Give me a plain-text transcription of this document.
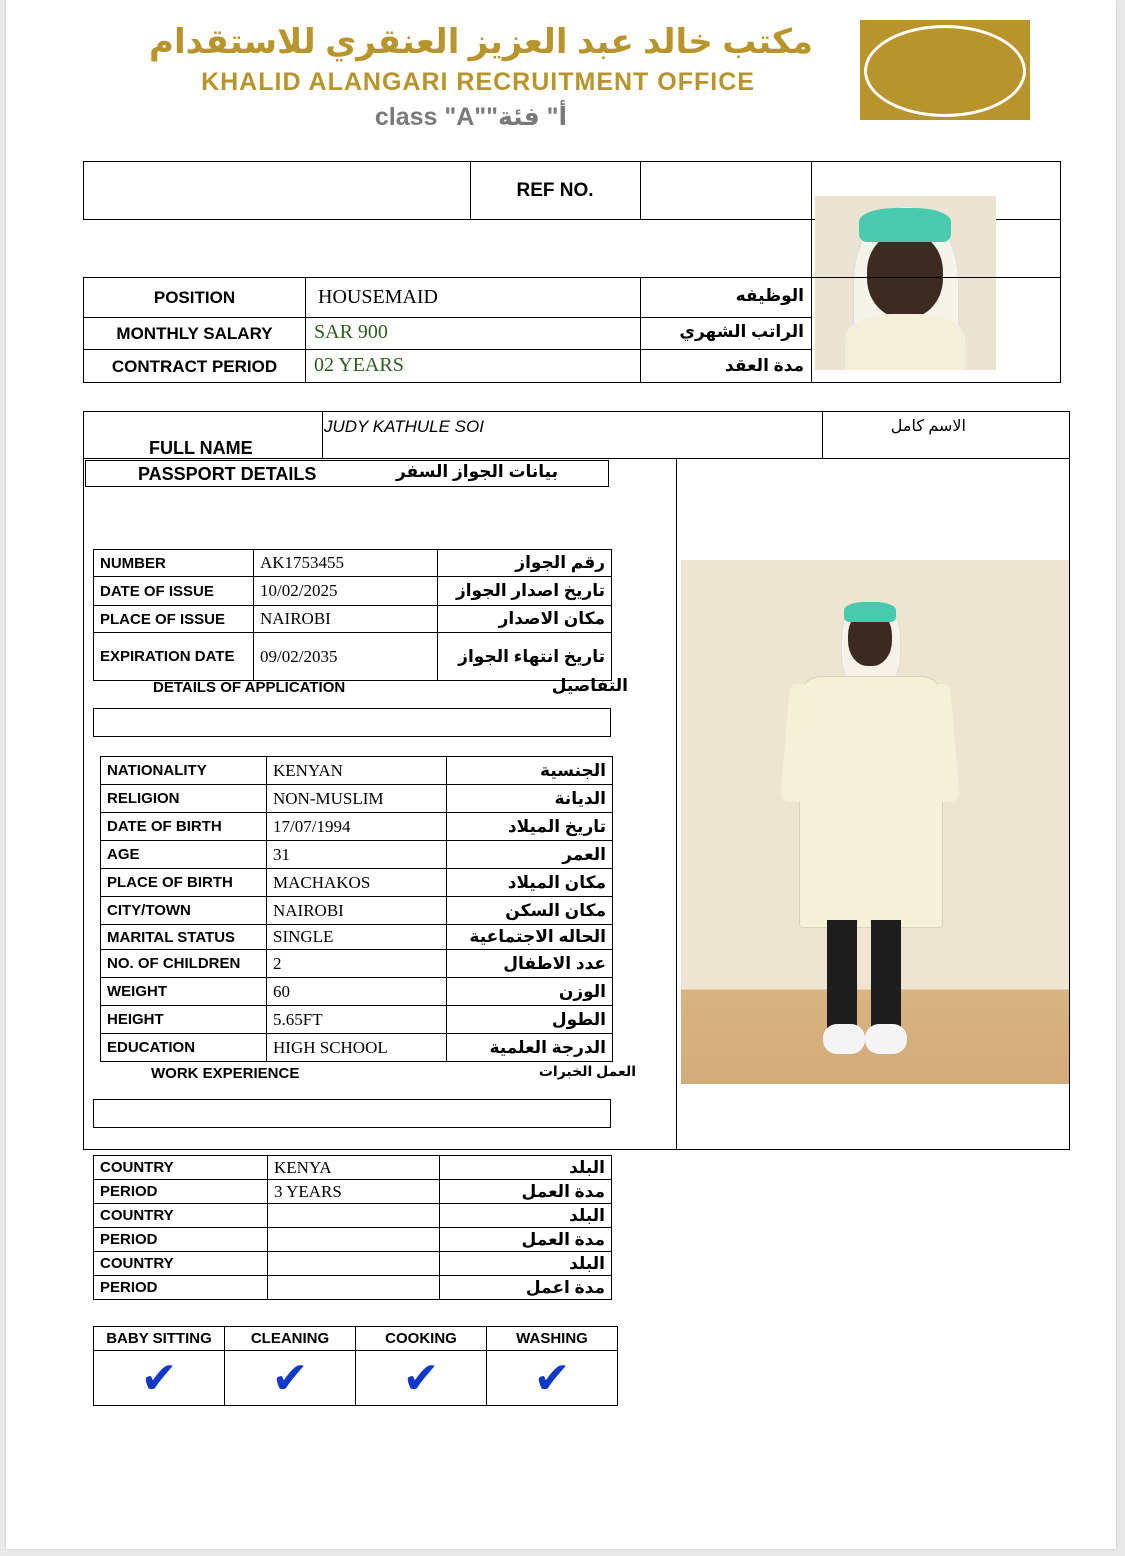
مكتب خالد عبد العزيز العنقري للاستقدام
KHALID ALANGARI RECRUITMENT OFFICE
class "A""أ" فئة
REF NO.
POSITION	HOUSEMAID	الوظيفه
MONTHLY SALARY	SAR 900	الراتب الشهري
CONTRACT PERIOD	02 YEARS	مدة العقد
FULL NAME
JUDY KATHULE SOI	الاسم كامل
PASSPORT DETAILS	بيانات الجواز السفر
NUMBER	AK1753455	رقم الجواز
DATE OF ISSUE	10/02/2025	تاريخ اصدار الجواز
PLACE OF ISSUE	NAIROBI	مكان الاصدار
EXPIRATION DATE	09/02/2035	تاريخ انتهاء الجواز
DETAILS OF APPLICATION	التفاصيل
NATIONALITY	KENYAN	الجنسية
RELIGION	NON-MUSLIM	الديانة
DATE OF BIRTH	17/07/1994	تاريخ الميلاد
AGE	31	العمر
PLACE OF BIRTH	MACHAKOS	مكان الميلاد
CITY/TOWN	NAIROBI	مكان السكن
MARITAL STATUS	SINGLE	الحاله الاجتماعية
NO. OF CHILDREN	2	عدد الاطفال
WEIGHT	60	الوزن
HEIGHT	5.65FT	الطول
EDUCATION	HIGH SCHOOL	الدرجة العلمية
WORK EXPERIENCE	العمل الخبرات
COUNTRY	KENYA	البلد
PERIOD	3 YEARS	مدة العمل
COUNTRY		البلد
PERIOD		مدة العمل
COUNTRY		البلد
PERIOD		مدة اعمل
BABY SITTING	CLEANING	COOKING	WASHING
✔	✔	✔	✔
